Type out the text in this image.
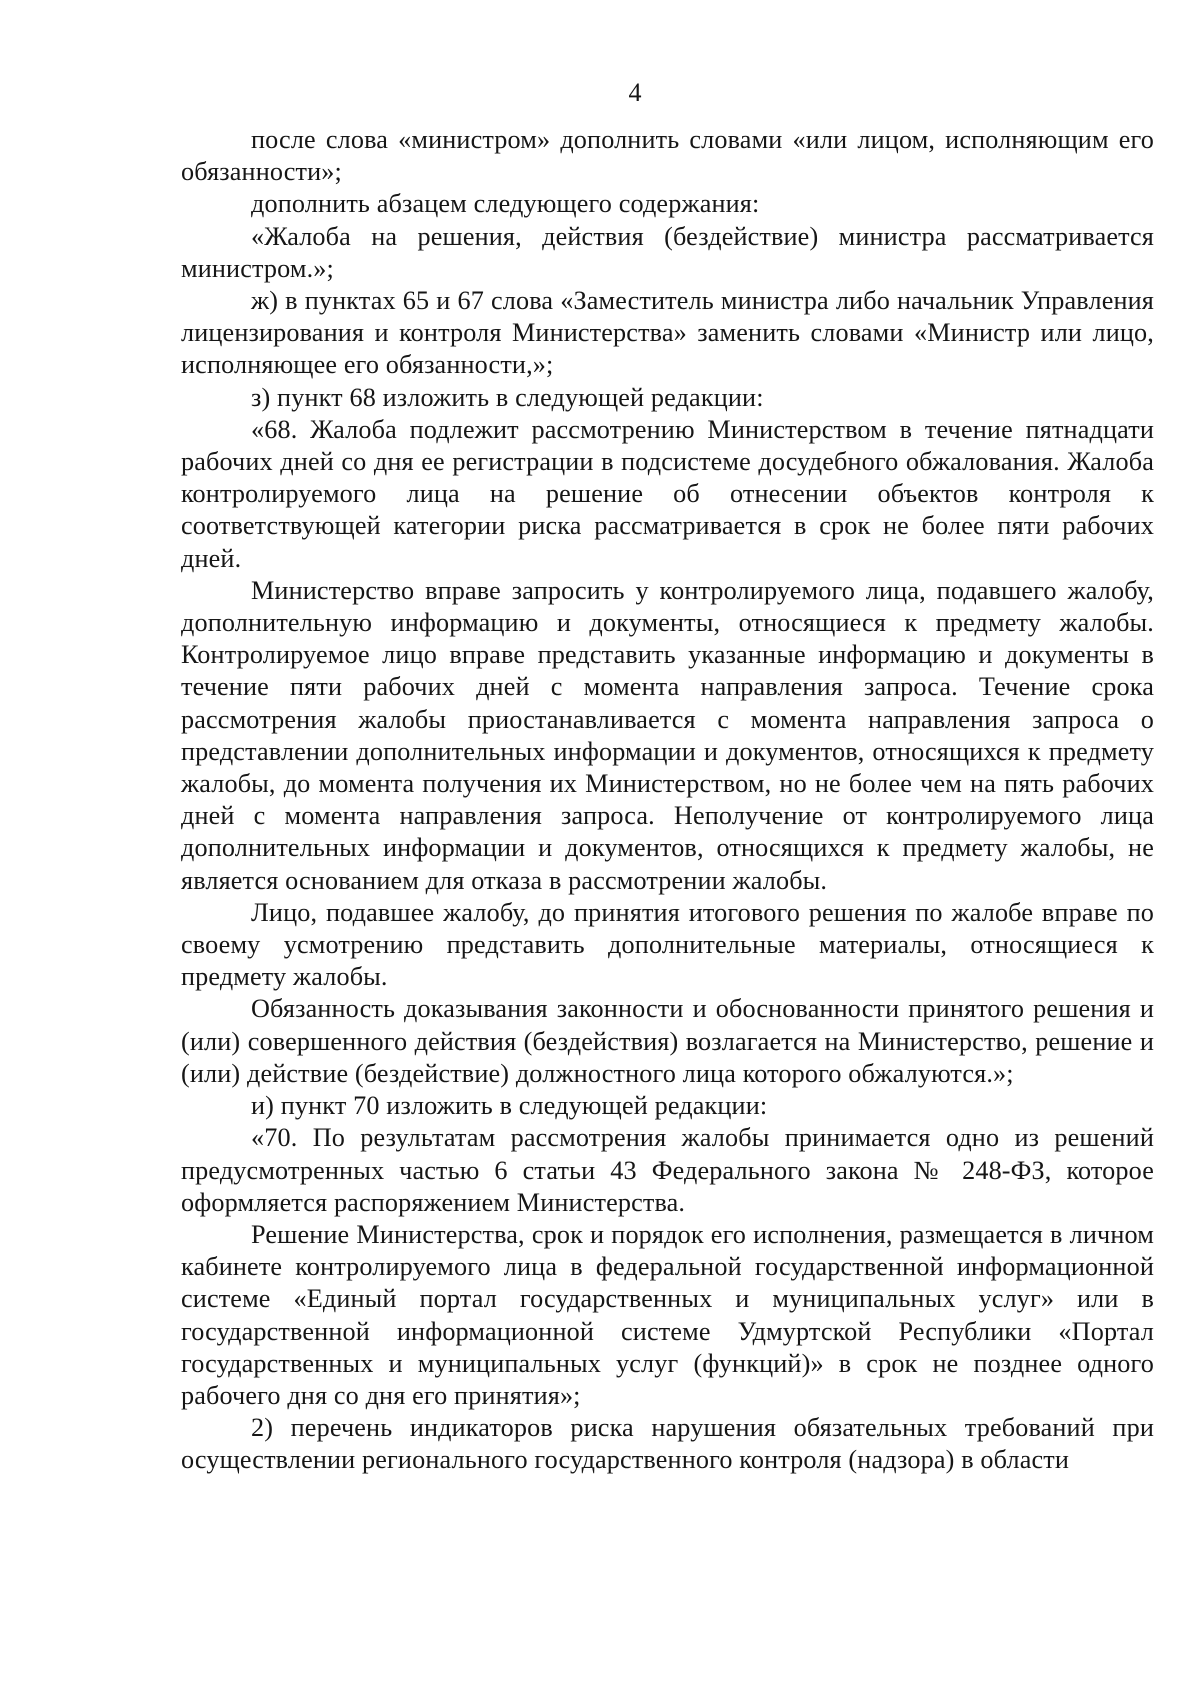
4

после слова «министром» дополнить словами «или лицом, исполняющим его обязанности»;

дополнить абзацем следующего содержания:

«Жалоба на решения, действия (бездействие) министра рассматривается министром.»;

ж) в пунктах 65 и 67 слова «Заместитель министра либо начальник Управления лицензирования и контроля Министерства» заменить словами «Министр или лицо, исполняющее его обязанности,»;

з) пункт 68 изложить в следующей редакции:

«68. Жалоба подлежит рассмотрению Министерством в течение пятнадцати рабочих дней со дня ее регистрации в подсистеме досудебного обжалования. Жалоба контролируемого лица на решение об отнесении объектов контроля к соответствующей категории риска рассматривается в срок не более пяти рабочих дней.

Министерство вправе запросить у контролируемого лица, подавшего жалобу, дополнительную информацию и документы, относящиеся к предмету жалобы. Контролируемое лицо вправе представить указанные информацию и документы в течение пяти рабочих дней с момента направления запроса. Течение срока рассмотрения жалобы приостанавливается с момента направления запроса о представлении дополнительных информации и документов, относящихся к предмету жалобы, до момента получения их Министерством, но не более чем на пять рабочих дней с момента направления запроса. Неполучение от контролируемого лица дополнительных информации и документов, относящихся к предмету жалобы, не является основанием для отказа в рассмотрении жалобы.

Лицо, подавшее жалобу, до принятия итогового решения по жалобе вправе по своему усмотрению представить дополнительные материалы, относящиеся к предмету жалобы.

Обязанность доказывания законности и обоснованности принятого решения и (или) совершенного действия (бездействия) возлагается на Министерство, решение и (или) действие (бездействие) должностного лица которого обжалуются.»;

и) пункт 70 изложить в следующей редакции:

«70. По результатам рассмотрения жалобы принимается одно из решений предусмотренных частью 6 статьи 43 Федерального закона № 248-ФЗ, которое оформляется распоряжением Министерства.

Решение Министерства, срок и порядок его исполнения, размещается в личном кабинете контролируемого лица в федеральной государственной информационной системе «Единый портал государственных и муниципальных услуг» или в государственной информационной системе Удмуртской Республики «Портал государственных и муниципальных услуг (функций)» в срок не позднее одного рабочего дня со дня его принятия»;

2) перечень индикаторов риска нарушения обязательных требований при осуществлении регионального государственного контроля (надзора) в области
